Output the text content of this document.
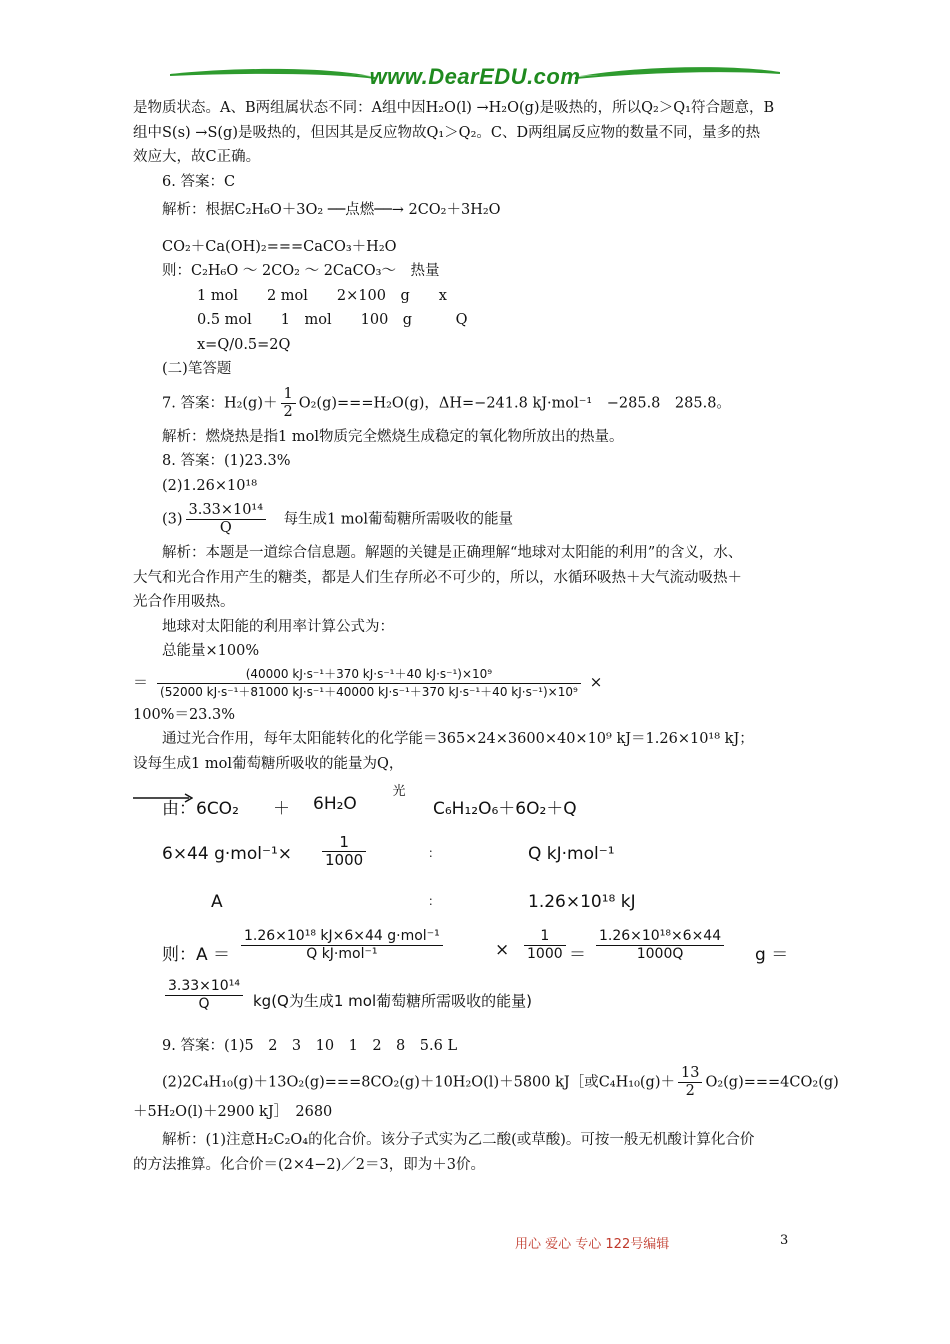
www.DearEDU.com

是物质状态。A、B两组属状态不同：A组中因H₂O(l) →H₂O(g)是吸热的，所以Q₂＞Q₁符合题意，B

组中S(s) →S(g)是吸热的，但因其是反应物故Q₁＞Q₂。C、D两组属反应物的数量不同，量多的热

效应大，故C正确。

6. 答案：C

解析：根据C₂H₆O＋3O₂ ──点燃──→ 2CO₂＋3H₂O

CO₂＋Ca(OH)₂===CaCO₃＋H₂O

则：C₂H₆O ～ 2CO₂ ～ 2CaCO₃～　热量

1 mol　　2 mol　　2×100　g　　x

0.5 mol　　1　mol　　100　g　　　Q

x=Q/0.5=2Q

(二)笔答题

7. 答案：$H_2(g)+ \frac{1}{2} O_2(g)===H_2O(g)$，ΔH=−241.8 kJ·mol⁻¹　−285.8　285.8。

解析：燃烧热是指1 mol物质完全燃烧生成稳定的氧化物所放出的热量。

8. 答案：(1)23.3%

(2)1.26×10¹⁸

$(3) \frac{\text{3.33×10¹⁴}}{Q}$
　 每生成1 mol葡萄糖所需吸收的能量

解析：本题是一道综合信息题。解题的关键是正确理解“地球对太阳能的利用”的含义，水、

大气和光合作用产生的糖类，都是人们生存所必不可少的，所以，水循环吸热＋大气流动吸热＋

光合作用吸热。

地球对太阳能的利用率计算公式为：

总能量×100%

＝	(40000 kJ·s⁻¹＋370 kJ·s⁻¹＋40 kJ·s⁻¹)×10⁹
(52000 kJ·s⁻¹＋81000 kJ·s⁻¹＋40000 kJ·s⁻¹＋370 kJ·s⁻¹＋40 kJ·s⁻¹)×10⁹
×

100%＝23.3%

通过光合作用，每年太阳能转化的化学能＝365×24×3600×40×10⁹ kJ＝1.26×10¹⁸ kJ；

设每生成1 mol葡萄糖所吸收的能量为Q，

由：6CO₂ ＋ 6H₂O
光
C₆H₁₂O₆＋6O₂＋Q
6×44 $g\cdot mol^{-1}\times \frac{1}{1000}$	：	Q kJ·mol⁻¹
A	：	1.26×10¹⁸ kJ
则：A ＝
1.26×10¹⁸ kJ×6×44 g·mol⁻¹
Q kJ·mol⁻¹	× $\frac{1}{1000} = \frac{\text{1.26×10¹⁸×6×44}}{1000Q}$ g ＝
$\frac{\text{3.33×10¹⁴}}{Q} kg(Q$为生成1 mol葡萄糖所需吸收的能量)

9. 答案：(1)5　2　3　10　1　2　8　5.6 L

(2)2C₄H₁₀(g)＋13O₂(g)===8CO₂(g)＋10H₂O(l)＋5800 kJ［或$C_4H_{10}(g)+ \frac{13}{2} O_2(g)===4CO_2(g)$

＋5H₂O(l)＋2900 kJ］　2680

解析：(1)注意H₂C₂O₄的化合价。该分子式实为乙二酸(或草酸)。可按一般无机酸计算化合价

的方法推算。化合价＝(2×4−2)／2＝3，即为＋3价。

用心 爱心 专心 122号编辑	3
